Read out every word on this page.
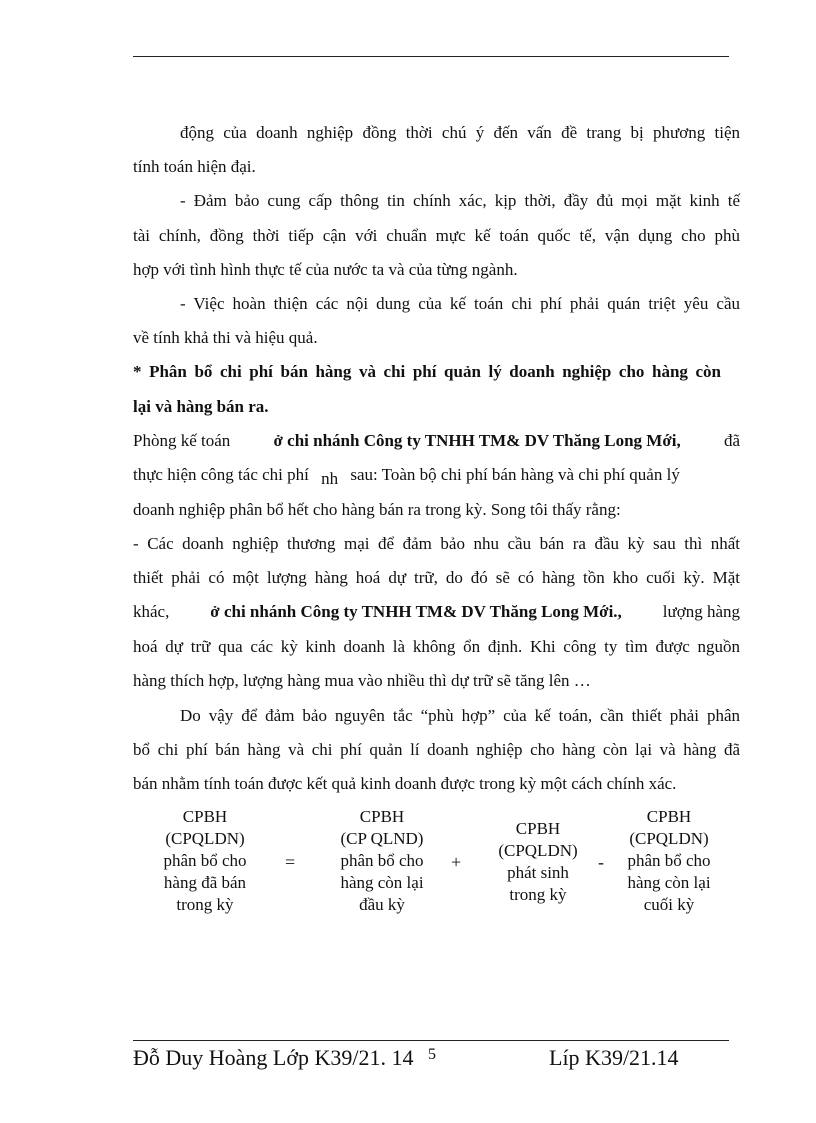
động của doanh nghiệp đồng thời chú ý đến vấn đề trang bị phương tiện
tính toán hiện đại.
- Đảm bảo cung cấp thông tin chính xác, kịp thời, đầy đủ mọi mặt kinh tế
tài chính, đồng thời tiếp cận với chuẩn mực kế toán quốc tế, vận dụng cho phù
hợp với tình hình thực tế của nước ta và của từng ngành.
- Việc hoàn thiện các nội dung của kế toán chi phí phải quán triệt yêu cầu
về tính khả thi và hiệu quả.
* Phân bổ chi phí bán hàng và chi phí quản lý doanh nghiệp cho hàng còn
lại và hàng bán ra.
Phòng kế toán	ở chi nhánh Công ty TNHH TM& DV Thăng Long Mới,	đã
thực hiện công tác chi phí nh sau: Toàn bộ chi phí bán hàng và chi phí quản lý
doanh nghiệp phân bổ hết cho hàng bán ra trong kỳ. Song tôi thấy rằng:
- Các doanh nghiệp thương mại để đảm bảo nhu cầu bán ra đầu kỳ sau thì nhất
thiết phải có một lượng hàng hoá dự trữ, do đó sẽ có hàng tồn kho cuối kỳ. Mặt
khác, ở chi nhánh Công ty TNHH TM& DV Thăng Long Mới., lượng hàng
hoá dự trữ qua các kỳ kinh doanh là không ổn định. Khi công ty tìm được nguồn
hàng thích hợp, lượng hàng mua vào nhiều thì dự trữ sẽ tăng lên …
Do vậy để đảm bảo nguyên tắc “phù hợp” của kế toán, cần thiết phải phân
bổ chi phí bán hàng và chi phí quản lí doanh nghiệp cho hàng còn lại và hàng đã
bán nhằm tính toán được kết quả kinh doanh được trong kỳ một cách chính xác.
CPBH
(CPQLDN)
phân bổ cho
hàng đã bán
trong kỳ
=
CPBH
(CP QLND)
phân bổ cho
hàng còn lại
đầu kỳ
+
CPBH
(CPQLDN)
phát sinh
trong kỳ
-
CPBH
(CPQLDN)
phân bổ cho
hàng còn lại
cuối kỳ
Đỗ Duy Hoàng Lớp K39/21. 14 5	Líp K39/21.14
